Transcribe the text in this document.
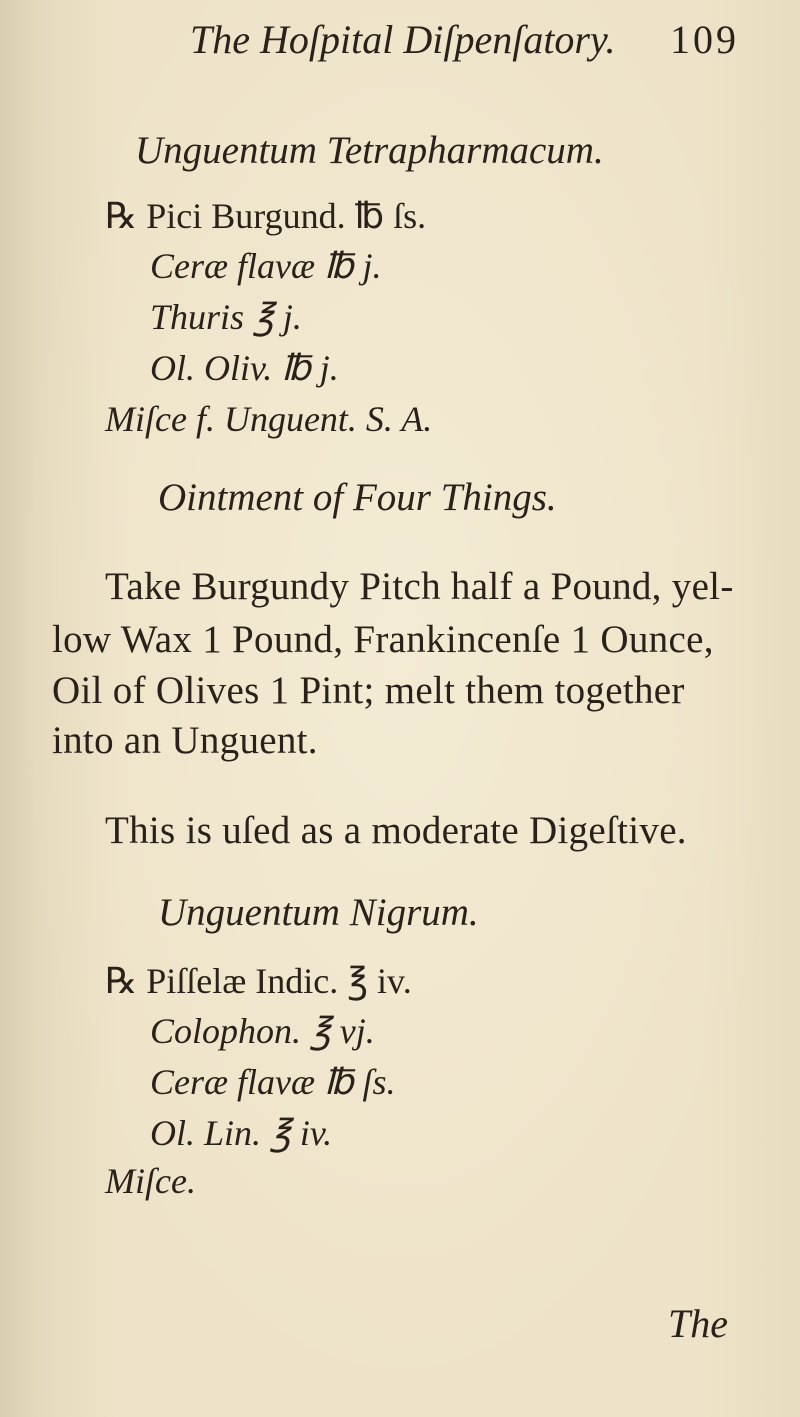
The Hoſpital Diſpenſatory. 109
Unguentum Tetrapharmacum.
℞ Pici Burgund. ℔ ſs.
Ceræ flavæ ℔ j.
Thuris ℥ j.
Ol. Oliv. ℔ j.
Miſce f. Unguent. S. A.
Ointment of Four Things.
Take Burgundy Pitch half a Pound, yel-
low Wax 1 Pound, Frankincenſe 1 Ounce,
Oil of Olives 1 Pint; melt them together
into an Unguent.
This is uſed as a moderate Digeſtive.
Unguentum Nigrum.
℞ Piſſelæ Indic. ℥ iv.
Colophon. ℥ vj.
Ceræ flavæ ℔ ſs.
Ol. Lin. ℥ iv.
Miſce.
The
